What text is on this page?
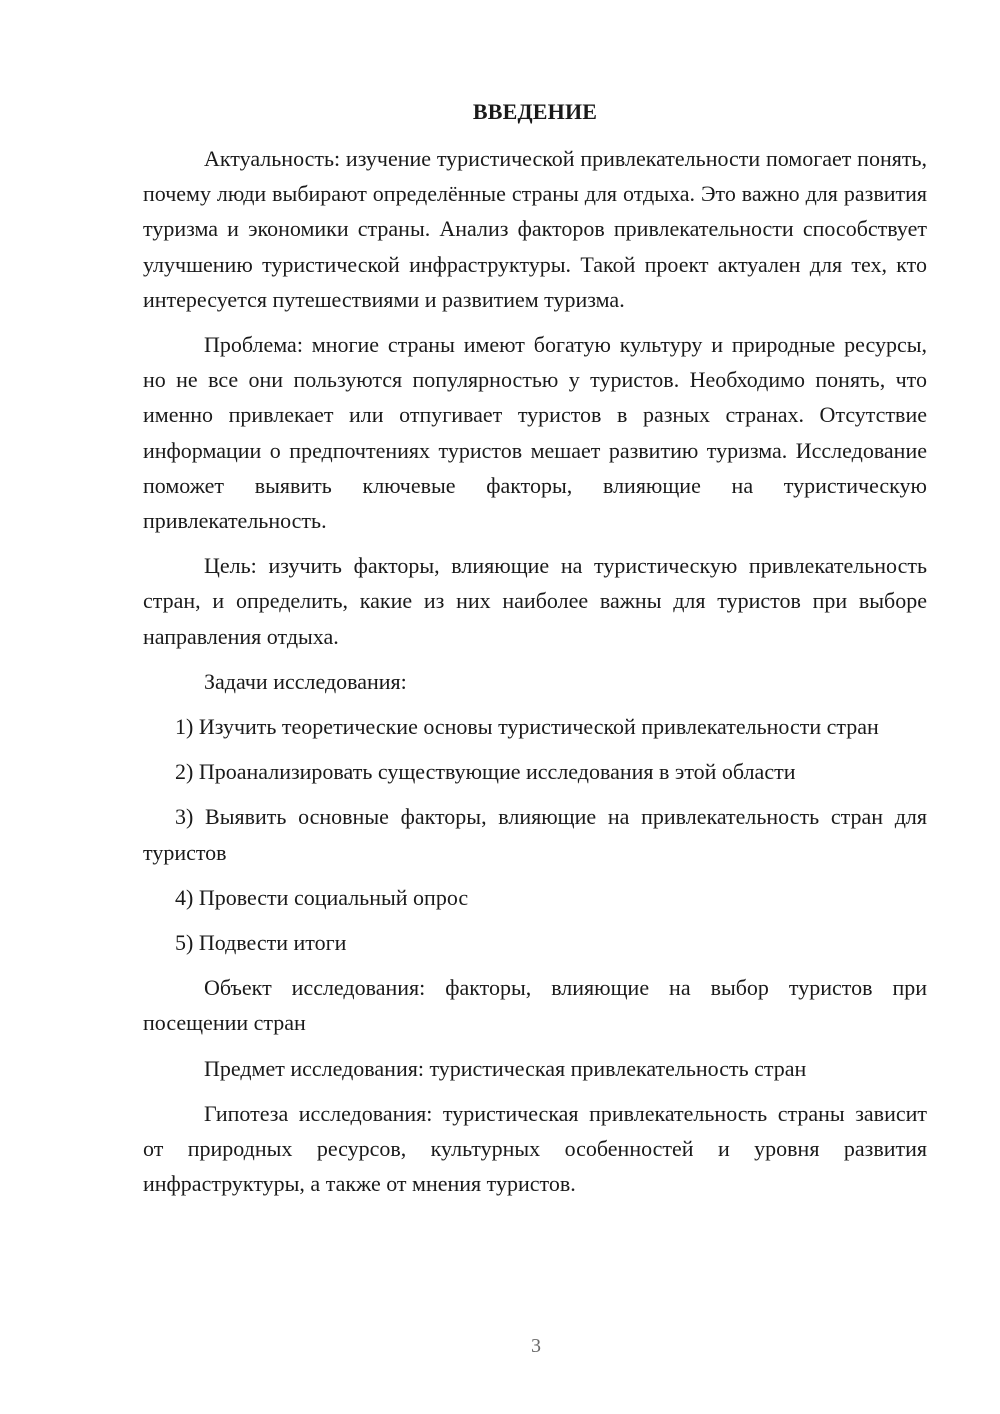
ВВЕДЕНИЕ

Актуальность: изучение туристической привлекательности помогает понять, почему люди выбирают определённые страны для отдыха. Это важно для развития туризма и экономики страны. Анализ факторов привлекательности способствует улучшению туристической инфраструктуры. Такой проект актуален для тех, кто интересуется путешествиями и развитием туризма.

Проблема: многие страны имеют богатую культуру и природные ресурсы, но не все они пользуются популярностью у туристов. Необходимо понять, что именно привлекает или отпугивает туристов в разных странах. Отсутствие информации о предпочтениях туристов мешает развитию туризма. Исследование поможет выявить ключевые факторы, влияющие на туристическую привлекательность.

Цель: изучить факторы, влияющие на туристическую привлекательность стран, и определить, какие из них наиболее важны для туристов при выборе направления отдыха.

Задачи исследования:

1) Изучить теоретические основы туристической привлекательности стран

2) Проанализировать существующие исследования в этой области

3) Выявить основные факторы, влияющие на привлекательность стран для туристов

4) Провести социальный опрос

5) Подвести итоги

Объект исследования: факторы, влияющие на выбор туристов при посещении стран

Предмет исследования: туристическая привлекательность стран

Гипотеза исследования: туристическая привлекательность страны зависит от природных ресурсов, культурных особенностей и уровня развития инфраструктуры, а также от мнения туристов.

3
